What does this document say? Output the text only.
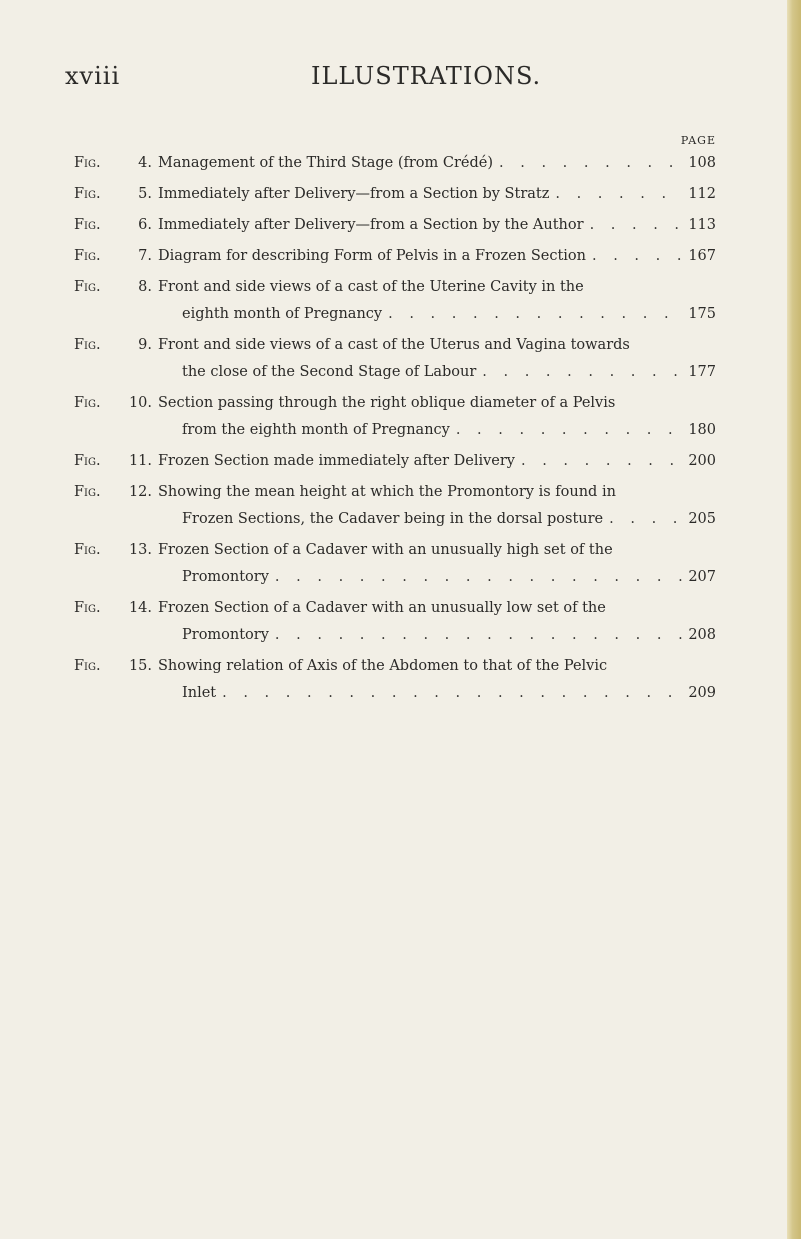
xviii	ILLUSTRATIONS.
PAGE
Fig.	4. Management of the Third Stage (from Crédé) . . .	108
Fig.	5. Immediately after Delivery—from a Section by Stratz . . .	112
Fig.	6. Immediately after Delivery—from a Section by the Author . . .	113
Fig.	7. Diagram for describing Form of Pelvis in a Frozen Section . . .	167
Fig.	8. Front and side views of a cast of the Uterine Cavity in the
eighth month of Pregnancy . . .	175
Fig.	9. Front and side views of a cast of the Uterus and Vagina towards
the close of the Second Stage of Labour . . .	177
Fig.	10. Section passing through the right oblique diameter of a Pelvis
from the eighth month of Pregnancy . . .	180
Fig.	11. Frozen Section made immediately after Delivery . . .	200
Fig.	12. Showing the mean height at which the Promontory is found in
Frozen Sections, the Cadaver being in the dorsal posture . . .	205
Fig.	13. Frozen Section of a Cadaver with an unusually high set of the
Promontory . . .	207
Fig.	14. Frozen Section of a Cadaver with an unusually low set of the
Promontory . . .	208
Fig.	15. Showing relation of Axis of the Abdomen to that of the Pelvic
Inlet . . .	209
